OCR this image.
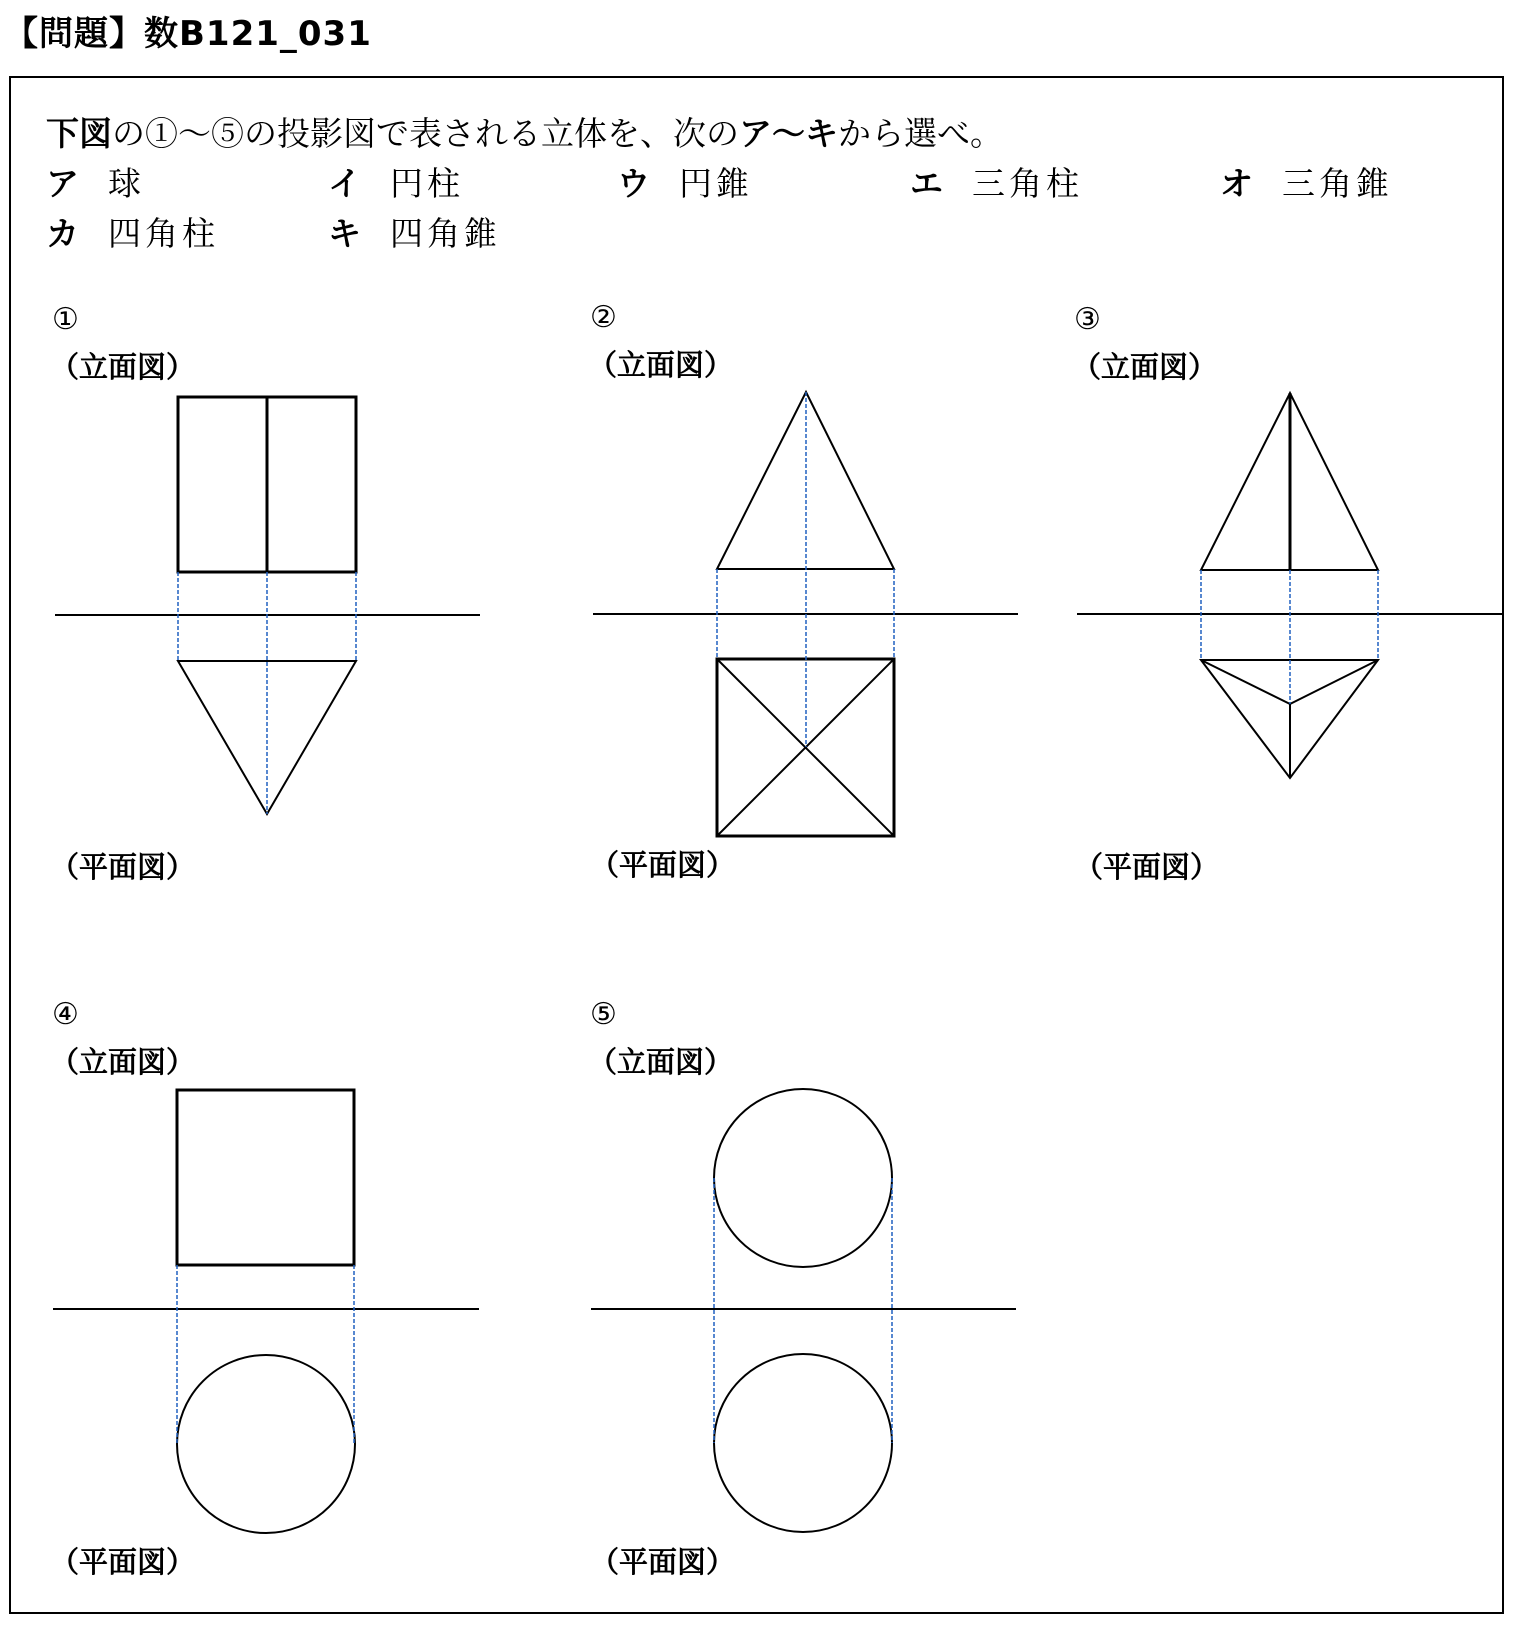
【問題】数B121_031
下図の①～⑤の投影図で表される立体を、次のア～キから選べ。
ア 球	イ 円柱	ウ 円錐	エ 三角柱	オ 三角錐
カ 四角柱	キ 四角錐
①
（立面図）
（平面図）
②
（立面図）
（平面図）
③
（立面図）
（平面図）
④
（立面図）
（平面図）
⑤
（立面図）
（平面図）
